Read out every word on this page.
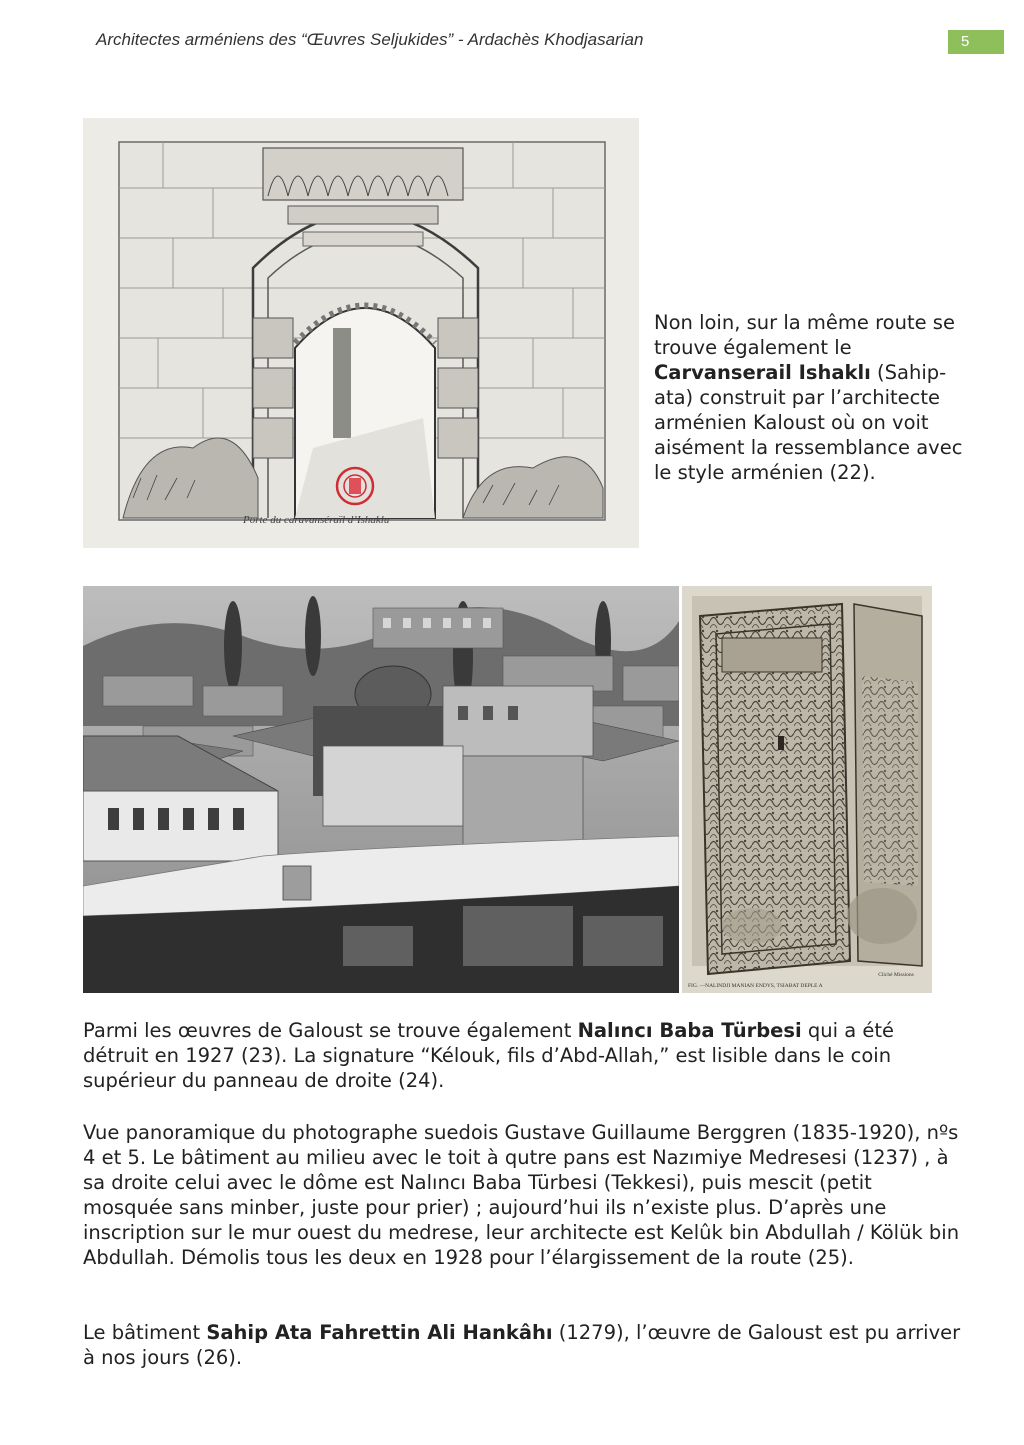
Architectes arméniens des “Œuvres Seljukides” - Ardachès Khodjasarian	5
Porte du caravanséraïl d’Ishaklu
Non loin, sur la même route se trouve également le Carvanserail Ishaklı (Sahip-ata) construit par l’architecte arménien Kaloust où on voit aisément la ressemblance avec le style arménien (22).
Cliché Missions
FIG. —NALINDJI MANIAN ENDYS, TSIABAT DEPLE A

Parmi les œuvres de Galoust se trouve également Nalıncı Baba Türbesi qui a été détruit en 1927 (23). La signature “Kélouk, fils d’Abd-Allah,” est lisible dans le coin supérieur du panneau de droite (24).

Vue panoramique du photographe suedois Gustave Guillaume Berggren (1835-1920), nºs 4 et 5. Le bâtiment au milieu avec le toit à qutre pans est Nazımiye Medresesi (1237) , à sa droite celui avec le dôme est Nalıncı Baba Türbesi (Tekkesi), puis mescit (petit mosquée sans minber, juste pour prier) ; aujourd’hui ils n’existe plus. D’après une inscription sur le mur ouest du medrese, leur architecte est Kelûk bin Abdullah / Kölük bin Abdullah. Démolis tous les deux en 1928 pour l’élargissement de la route (25).

Le bâtiment Sahip Ata Fahrettin Ali Hankâhı (1279), l’œuvre de Galoust est pu arriver à nos jours (26).
